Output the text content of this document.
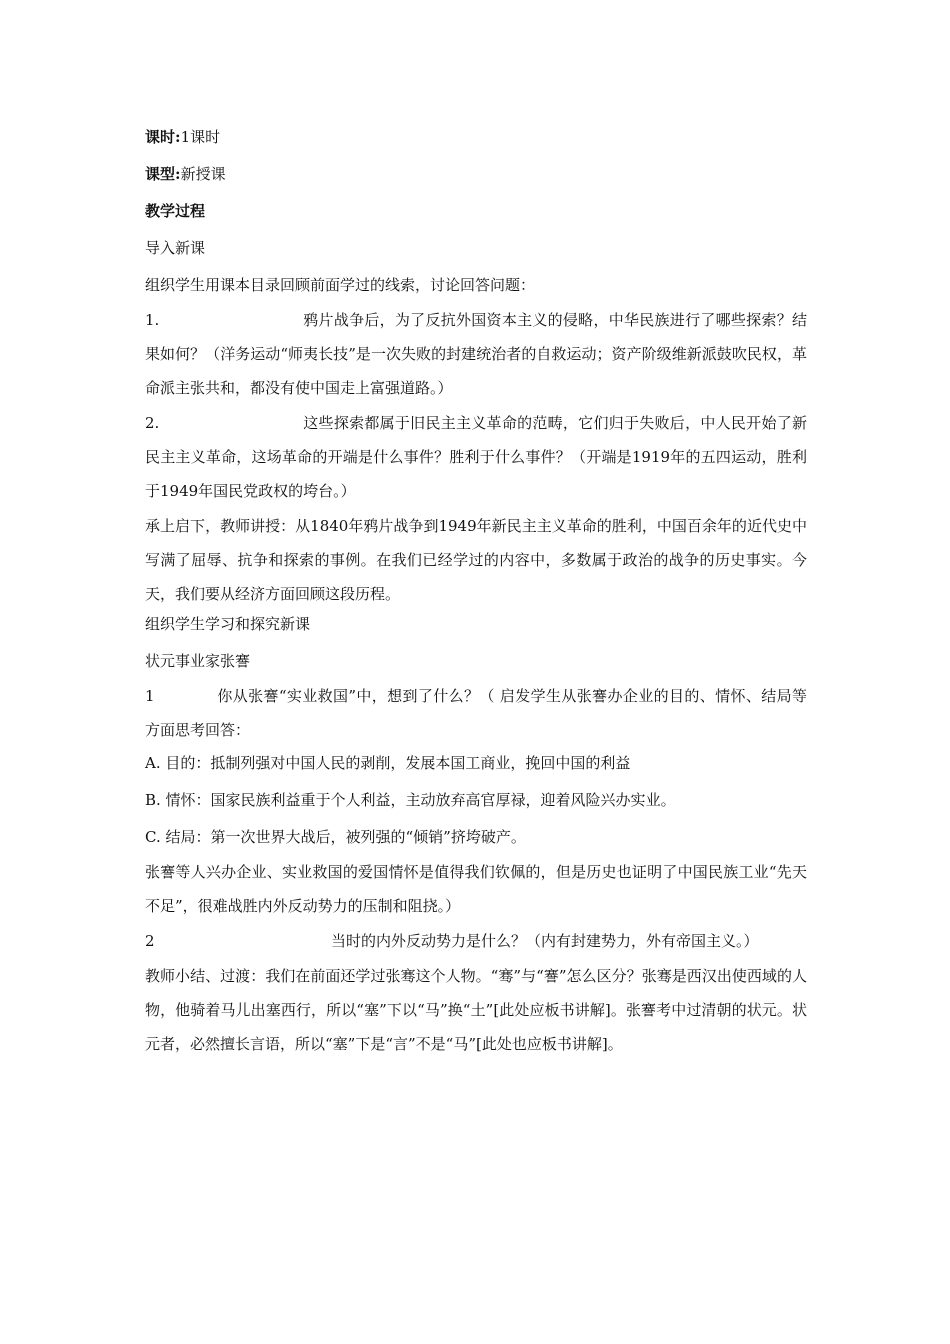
课时:1课时

课型:新授课

教学过程

导入新课

组织学生用课本目录回顾前面学过的线索，讨论回答问题：

1.	鸦片战争后，为了反抗外国资本主义的侵略，中华民族进行了哪些探索？结果如何？（洋务运动“师夷长技”是一次失败的封建统治者的自救运动；资产阶级维新派鼓吹民权，革命派主张共和，都没有使中国走上富强道路。）

2.	这些探索都属于旧民主主义革命的范畴，它们归于失败后，中人民开始了新民主主义革命，这场革命的开端是什么事件？胜利于什么事件？（开端是1919年的五四运动，胜利于1949年国民党政权的垮台。）

承上启下，教师讲授：从1840年鸦片战争到1949年新民主主义革命的胜利，中国百余年的近代史中写满了屈辱、抗争和探索的事例。在我们已经学过的内容中，多数属于政治的战争的历史事实。今天，我们要从经济方面回顾这段历程。

组织学生学习和探究新课

状元事业家张謇

1	你从张謇“实业救国”中，想到了什么？（ 启发学生从张謇办企业的目的、情怀、结局等方面思考回答：

A. 目的：抵制列强对中国人民的剥削，发展本国工商业，挽回中国的利益

B. 情怀：国家民族利益重于个人利益，主动放弃高官厚禄，迎着风险兴办实业。

C. 结局：第一次世界大战后，被列强的“倾销”挤垮破产。

张謇等人兴办企业、实业救国的爱国情怀是值得我们钦佩的，但是历史也证明了中国民族工业“先天不足”，很难战胜内外反动势力的压制和阻挠。）

2	当时的内外反动势力是什么？（内有封建势力，外有帝国主义。）

教师小结、过渡：我们在前面还学过张骞这个人物。“骞”与“謇”怎么区分？张骞是西汉出使西域的人物，他骑着马儿出塞西行，所以“塞”下以“马”换“土”[此处应板书讲解]。张謇考中过清朝的状元。状元者，必然擅长言语，所以“塞”下是“言”不是“马”[此处也应板书讲解]。
